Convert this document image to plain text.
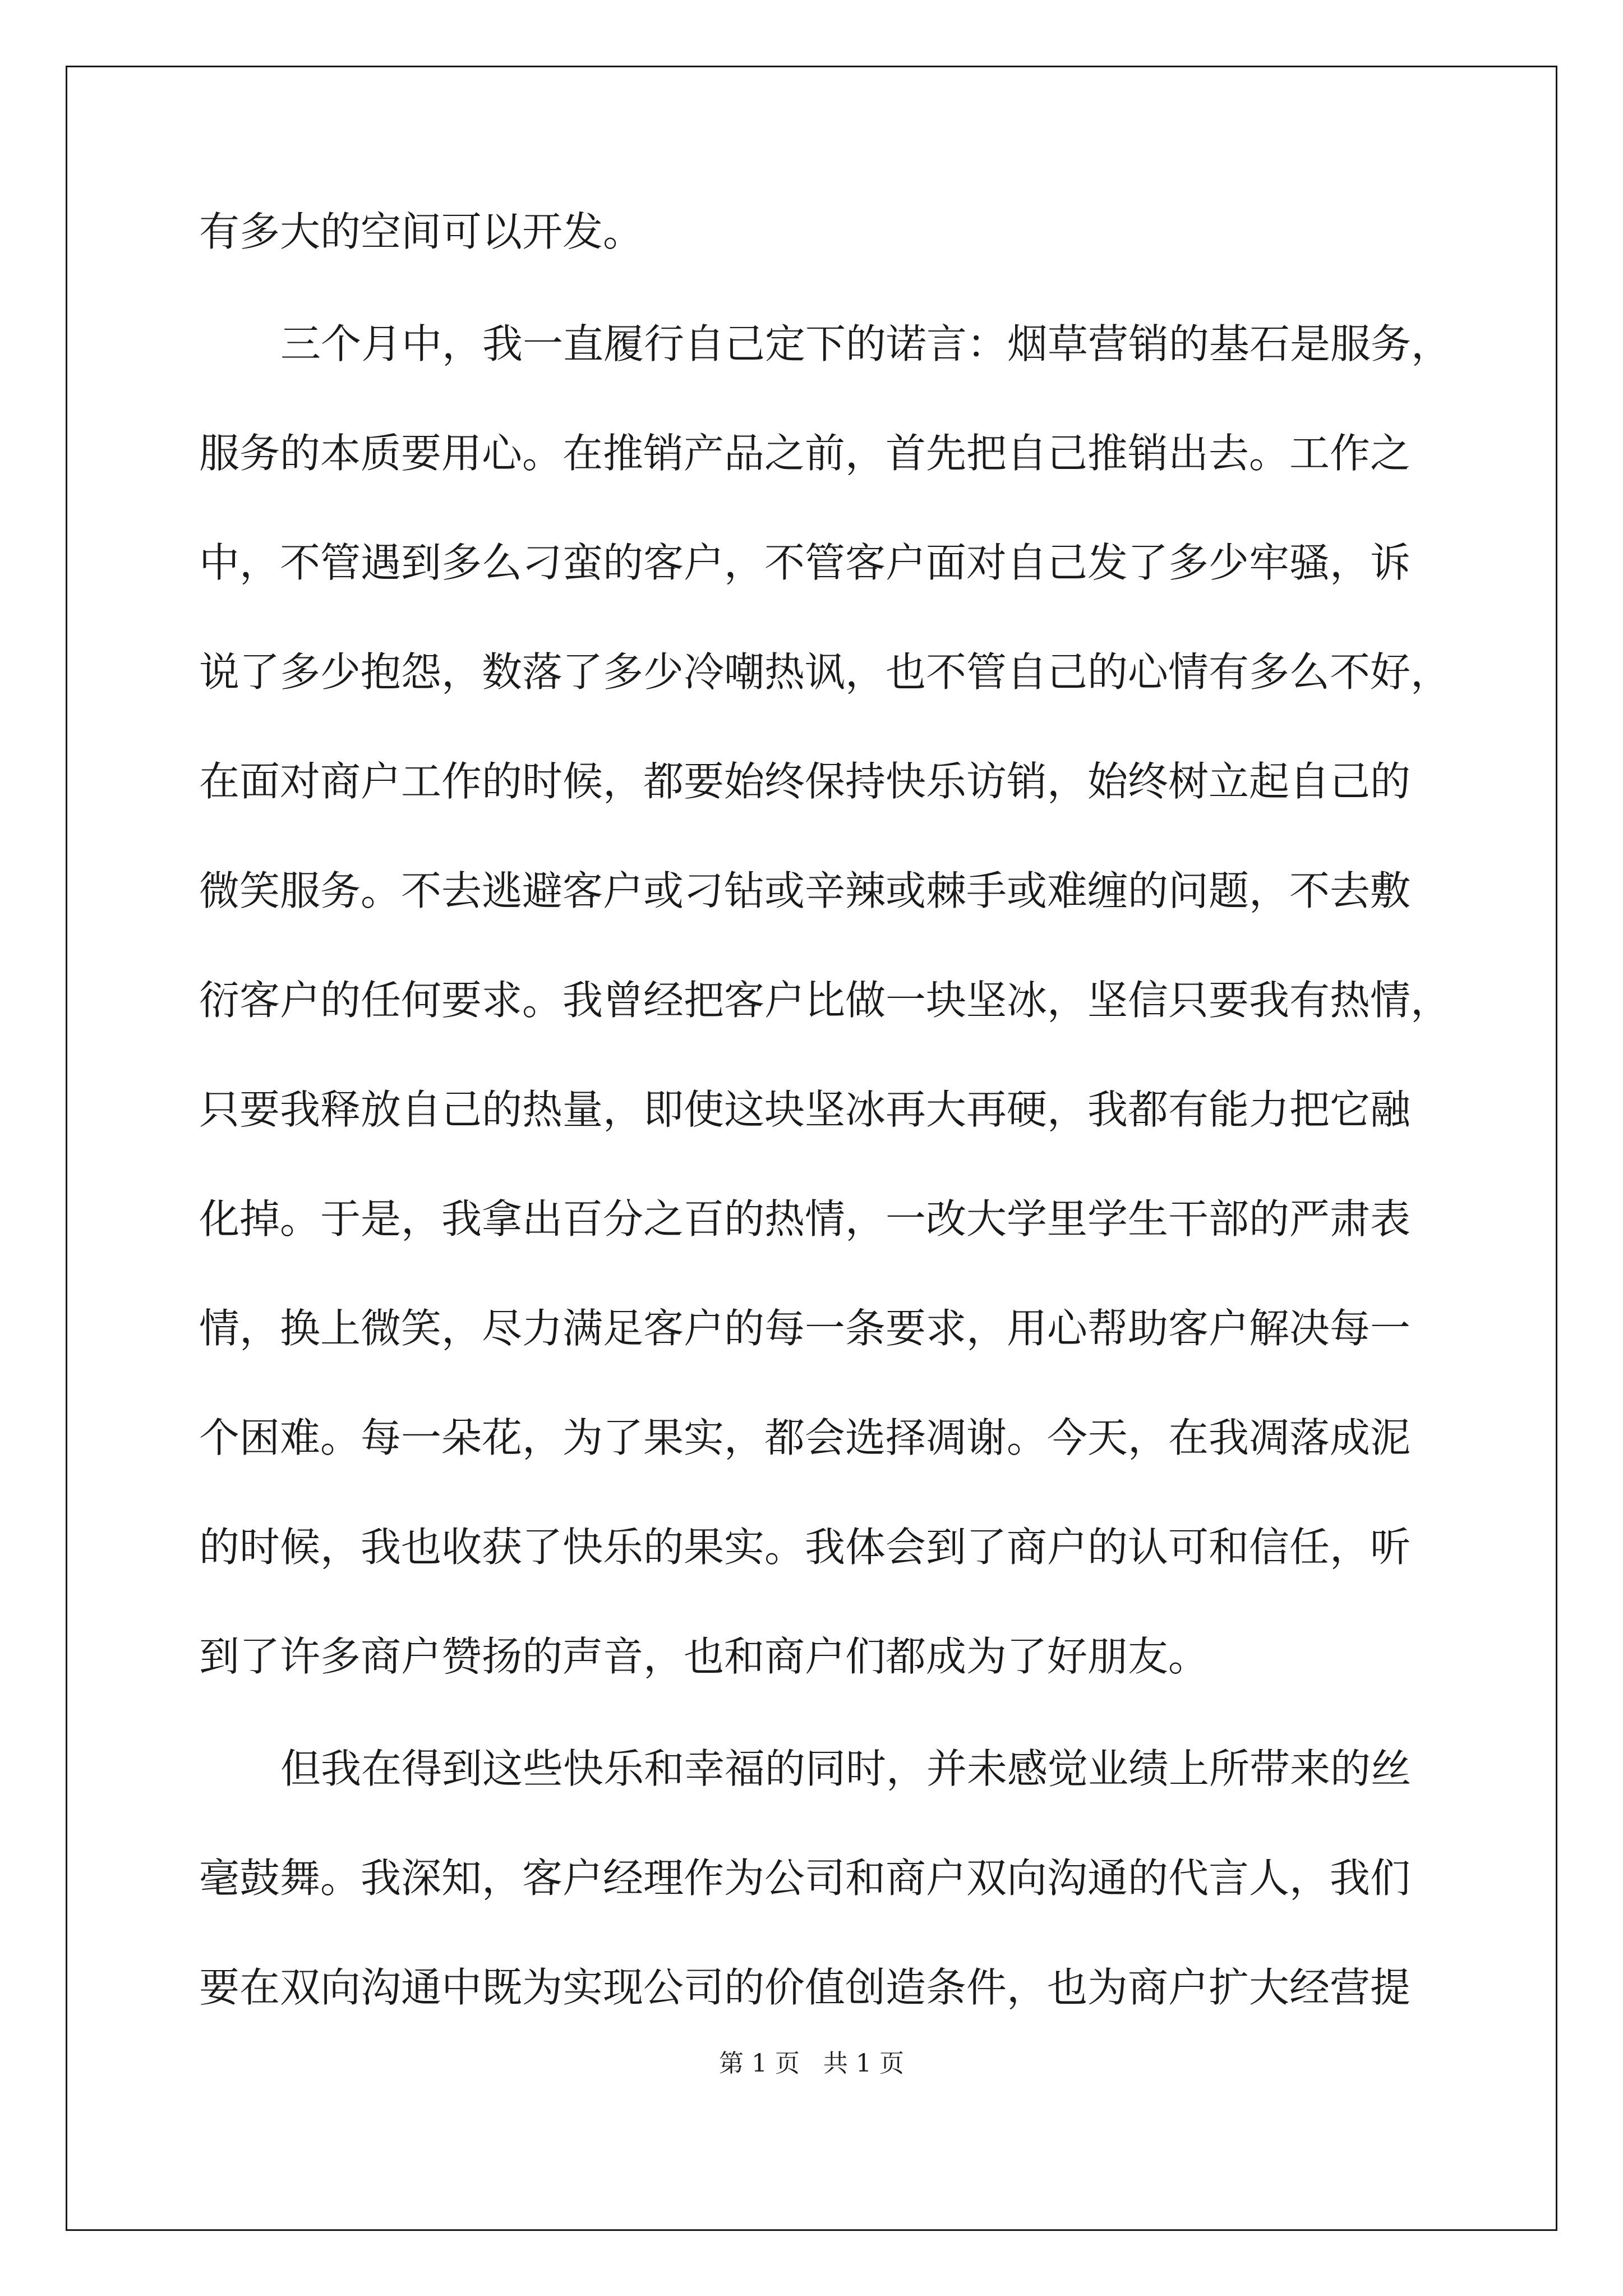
有多大的空间可以开发。
三个月中，我一直履行自己定下的诺言：烟草营销的基石是服务，
服务的本质要用心。在推销产品之前，首先把自己推销出去。工作之
中，不管遇到多么刁蛮的客户，不管客户面对自己发了多少牢骚，诉
说了多少抱怨，数落了多少冷嘲热讽，也不管自己的心情有多么不好，
在面对商户工作的时候，都要始终保持快乐访销，始终树立起自己的
微笑服务。不去逃避客户或刁钻或辛辣或棘手或难缠的问题，不去敷
衍客户的任何要求。我曾经把客户比做一块坚冰，坚信只要我有热情，
只要我释放自己的热量，即使这块坚冰再大再硬，我都有能力把它融
化掉。于是，我拿出百分之百的热情，一改大学里学生干部的严肃表
情，换上微笑，尽力满足客户的每一条要求，用心帮助客户解决每一
个困难。每一朵花，为了果实，都会选择凋谢。今天，在我凋落成泥
的时候，我也收获了快乐的果实。我体会到了商户的认可和信任，听
到了许多商户赞扬的声音，也和商户们都成为了好朋友。
但我在得到这些快乐和幸福的同时，并未感觉业绩上所带来的丝
毫鼓舞。我深知，客户经理作为公司和商户双向沟通的代言人，我们
要在双向沟通中既为实现公司的价值创造条件，也为商户扩大经营提
第 1 页   共 1 页
